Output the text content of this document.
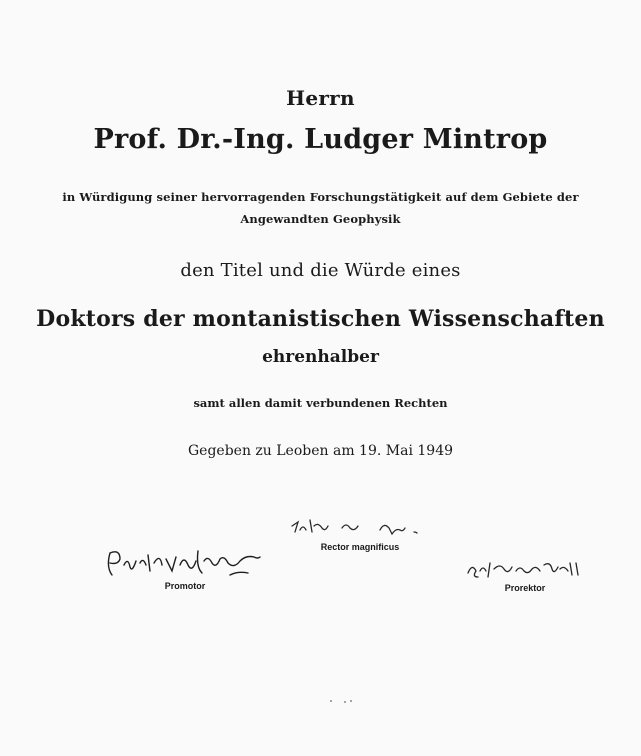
Herrn
Prof. Dr.-Ing. Ludger Mintrop
in Würdigung seiner hervorragenden Forschungstätigkeit auf dem Gebiete der
Angewandten Geophysik
den Titel und die Würde eines
Doktors der montanistischen Wissenschaften
ehrenhalber
samt allen damit verbundenen Rechten
Gegeben zu Leoben am 19. Mai 1949
Rector magnificus
Promotor	Prorektor
